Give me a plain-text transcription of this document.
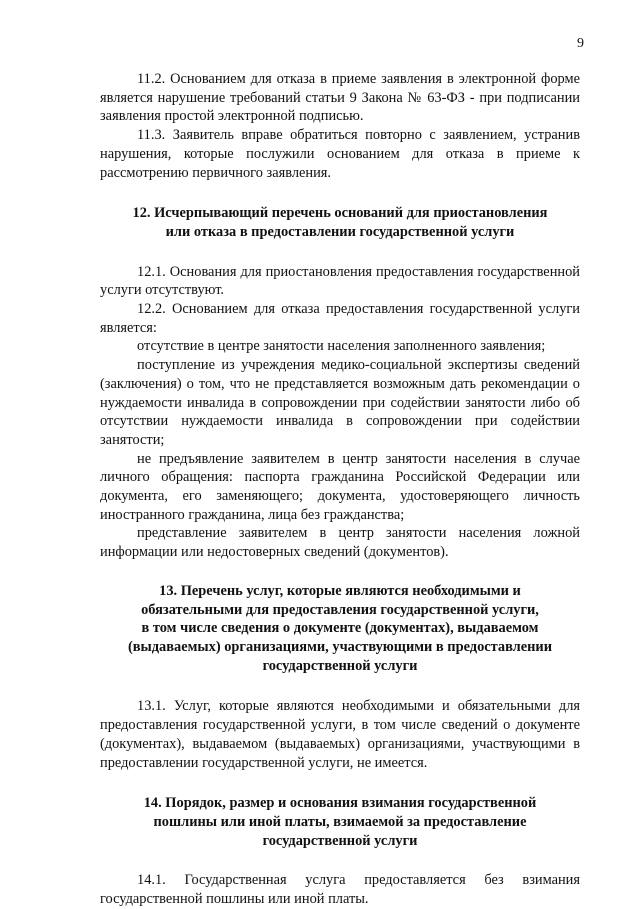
9

11.2. Основанием для отказа в приеме заявления в электронной форме является нарушение требований статьи 9 Закона № 63-ФЗ - при подписании заявления простой электронной подписью.

11.3. Заявитель вправе обратиться повторно с заявлением, устранив нарушения, которые послужили основанием для отказа в приеме к рассмотрению первичного заявления.

12. Исчерпывающий перечень оснований для приостановления
или отказа в предоставлении государственной услуги

12.1. Основания для приостановления предоставления государственной услуги отсутствуют.

12.2. Основанием для отказа предоставления государственной услуги является:

отсутствие в центре занятости населения заполненного заявления;

поступление из учреждения медико-социальной экспертизы сведений (заключения) о том, что не представляется возможным дать рекомендации о нуждаемости инвалида в сопровождении при содействии занятости либо об отсутствии нуждаемости инвалида в сопровождении при содействии занятости;

не предъявление заявителем в центр занятости населения в случае личного обращения: паспорта гражданина Российской Федерации или документа, его заменяющего; документа, удостоверяющего личность иностранного гражданина, лица без гражданства;

представление заявителем в центр занятости населения ложной информации или недостоверных сведений (документов).

13. Перечень услуг, которые являются необходимыми и
обязательными для предоставления государственной услуги,
в том числе сведения о документе (документах), выдаваемом
(выдаваемых) организациями, участвующими в предоставлении
государственной услуги

13.1. Услуг, которые являются необходимыми и обязательными для предоставления государственной услуги, в том числе сведений о документе (документах), выдаваемом (выдаваемых) организациями, участвующими в предоставлении государственной услуги, не имеется.

14. Порядок, размер и основания взимания государственной
пошлины или иной платы, взимаемой за предоставление
государственной услуги

14.1. Государственная услуга предоставляется без взимания государственной пошлины или иной платы.
